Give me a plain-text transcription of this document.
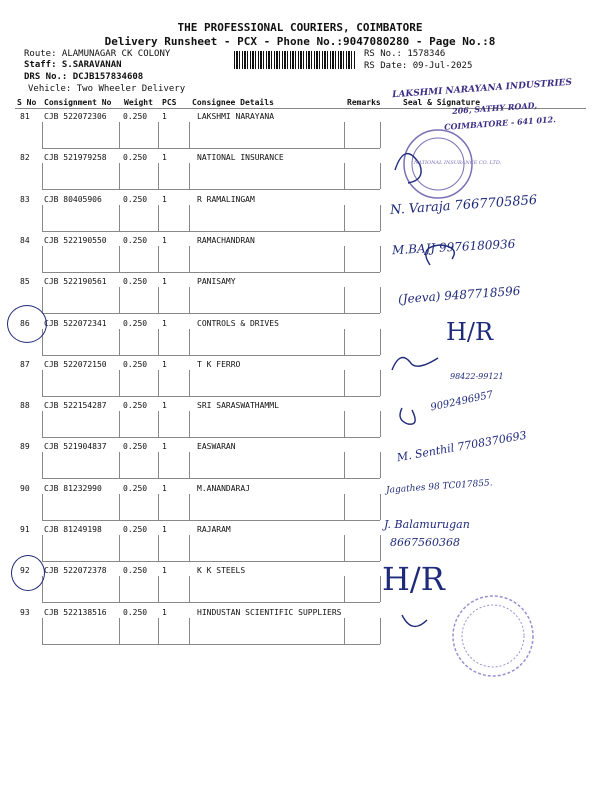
THE PROFESSIONAL COURIERS, COIMBATORE
Delivery Runsheet - PCX - Phone No.:9047080280 - Page No.:8
Route: ALAMUNAGAR CK COLONY
Staff: S.SARAVANAN
DRS No.: DCJB157834608
Vehicle: Two Wheeler Delivery
RS No.: 1578346
RS Date: 09-Jul-2025
S No Consignment No Weight PCS Consignee Details	Remarks	Seal & Signature
81 CJB 522072306 0.250 1	LAKSHMI NARAYANA
82 CJB 521979258 0.250 1	NATIONAL INSURANCE
83 CJB 80405906	0.250 1	R RAMALINGAM
84 CJB 522190550 0.250 1	RAMACHANDRAN
85 CJB 522190561 0.250 1	PANISAMY
86 CJB 522072341 0.250 1	CONTROLS & DRIVES
87 CJB 522072150 0.250 1	T K FERRO
88 CJB 522154287 0.250 1	SRI SARASWATHAMML
89 CJB 521904837 0.250 1	EASWARAN
90 CJB 81232990	0.250 1	M.ANANDARAJ
91 CJB 81249198	0.250 1	RAJARAM
92 CJB 522072378 0.250 1	K K STEELS
93 CJB 522138516 0.250 1	HINDUSTAN SCIENTIFIC SUPPLIERS
LAKSHMI NARAYANA INDUSTRIES
206, SATHY ROAD,
COIMBATORE - 641 012.
NATIONAL INSURANCE CO. LTD.
N. Varaja 7667705856
M.BAJJ 9976180936
(Jeeva) 9487718596
H/R
98422-99121
9092496957
M. Senthil 7708370693
Jagathes 98 TC017855.
J. Balamurugan
8667560368
H/R
